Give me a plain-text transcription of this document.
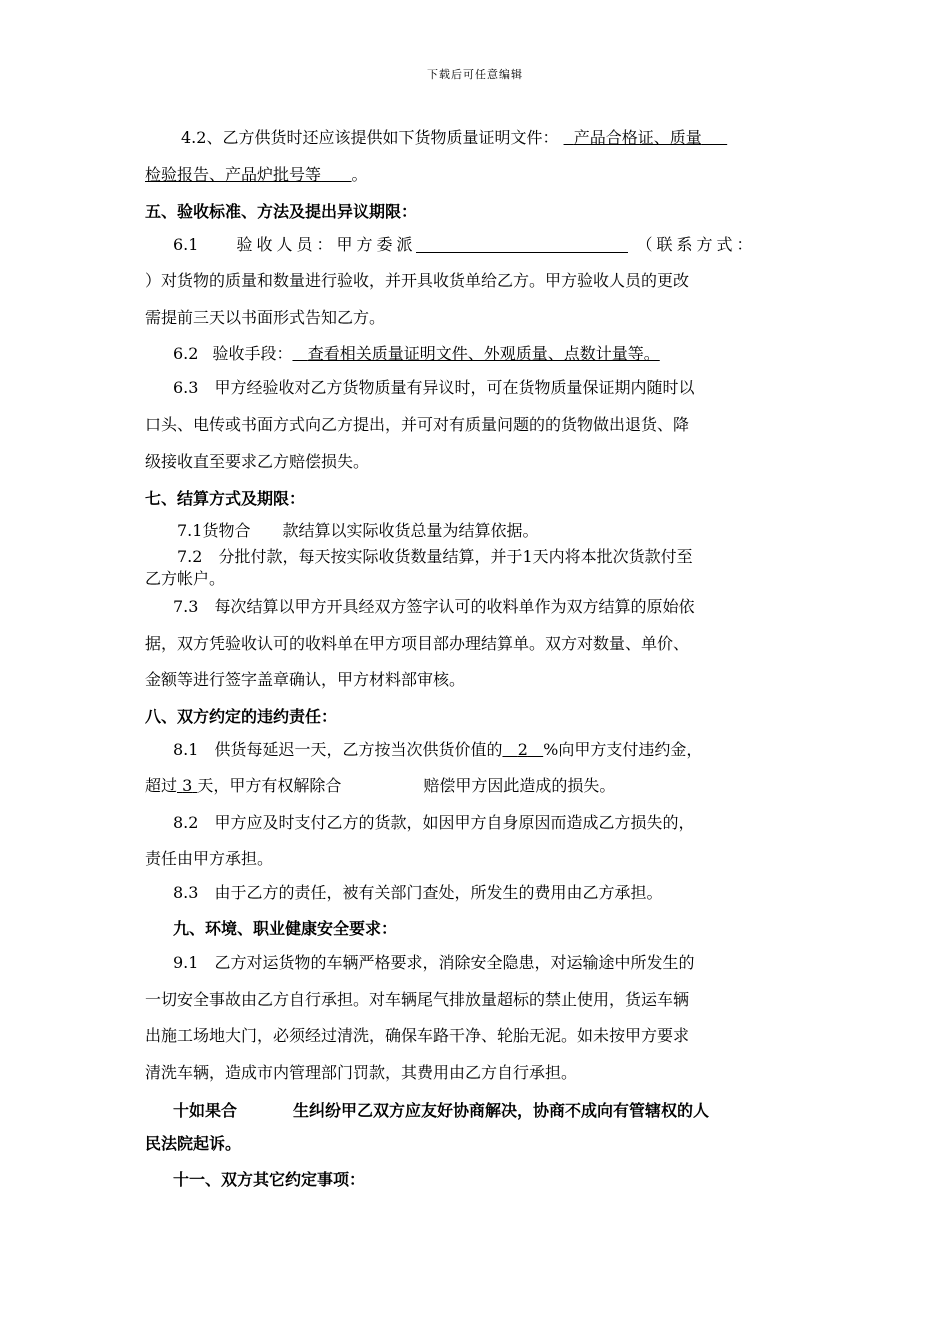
下载后可任意编辑
4.2、乙方供货时还应该提供如下货物质量证明文件： 产品合格证、质量
检验报告、产品炉批号等 。
五、验收标准、方法及提出异议期限：
6.1 验收人员：甲方委派	（联系方式：
）对货物的质量和数量进行验收，并开具收货单给乙方。甲方验收人员的更改
需提前三天以书面形式告知乙方。
6.2 验收手段： 查看相关质量证明文件、外观质量、点数计量等。
6.3　甲方经验收对乙方货物质量有异议时，可在货物质量保证期内随时以
口头、电传或书面方式向乙方提出，并可对有质量问题的的货物做出退货、降
级接收直至要求乙方赔偿损失。
七、结算方式及期限：
7.1货物合 款结算以实际收货总量为结算依据。
7.2　分批付款，每天按实际收货数量结算，并于1天内将本批次货款付至
乙方帐户。
7.3　每次结算以甲方开具经双方签字认可的收料单作为双方结算的原始依
据，双方凭验收认可的收料单在甲方项目部办理结算单。双方对数量、单价、
金额等进行签字盖章确认，甲方材料部审核。
八、双方约定的违约责任：
8.1　供货每延迟一天，乙方按当次供货价值的 2 %向甲方支付违约金，
超过 3 天，甲方有权解除合	赔偿甲方因此造成的损失。
8.2　甲方应及时支付乙方的货款，如因甲方自身原因而造成乙方损失的，
责任由甲方承担。
8.3　由于乙方的责任，被有关部门查处，所发生的费用由乙方承担。
九、环境、职业健康安全要求：
9.1　乙方对运货物的车辆严格要求，消除安全隐患，对运输途中所发生的
一切安全事故由乙方自行承担。对车辆尾气排放量超标的禁止使用，货运车辆
出施工场地大门，必须经过清洗，确保车路干净、轮胎无泥。如未按甲方要求
清洗车辆，造成市内管理部门罚款，其费用由乙方自行承担。
十如果合	生纠纷甲乙双方应友好协商解决，协商不成向有管辖权的人
民法院起诉。
十一、双方其它约定事项：
